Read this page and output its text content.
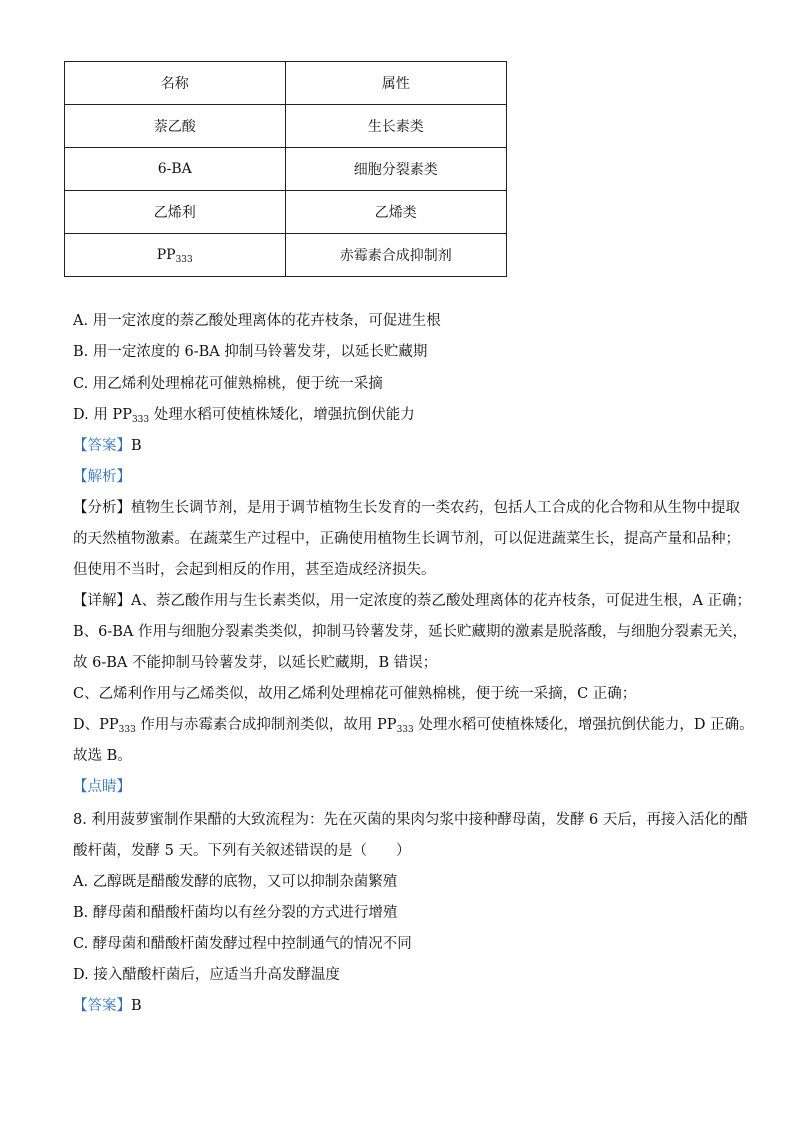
名称	属性
萘乙酸	生长素类
6-BA	细胞分裂素类
乙烯利	乙烯类
$PP_{333}$	赤霉素合成抑制剂
A. 用一定浓度的萘乙酸处理离体的花卉枝条，可促进生根
B. 用一定浓度的 6-BA 抑制马铃薯发芽，以延长贮藏期
C. 用乙烯利处理棉花可催熟棉桃，便于统一采摘
D. 用 $PP_{333}$ 处理水稻可使植株矮化，增强抗倒伏能力
【答案】B
【解析】
【分析】植物生长调节剂，是用于调节植物生长发育的一类农药，包括人工合成的化合物和从生物中提取
的天然植物激素。在蔬菜生产过程中，正确使用植物生长调节剂，可以促进蔬菜生长，提高产量和品种；
但使用不当时，会起到相反的作用，甚至造成经济损失。
【详解】A、萘乙酸作用与生长素类似，用一定浓度的萘乙酸处理离体的花卉枝条，可促进生根，A 正确；
B、6-BA 作用与细胞分裂素类类似，抑制马铃薯发芽，延长贮藏期的激素是脱落酸，与细胞分裂素无关，
故 6-BA 不能抑制马铃薯发芽，以延长贮藏期，B 错误；
C、乙烯利作用与乙烯类似，故用乙烯利处理棉花可催熟棉桃，便于统一采摘，C 正确；
D、$PP_{333}$ 作用与赤霉素合成抑制剂类似，故用 $PP_{333}$ 处理水稻可使植株矮化，增强抗倒伏能力，D 正确。
故选 B。
【点睛】
8. 利用菠萝蜜制作果醋的大致流程为：先在灭菌的果肉匀浆中接种酵母菌，发酵 6 天后，再接入活化的醋
酸杆菌，发酵 5 天。下列有关叙述错误的是（　　）
A. 乙醇既是醋酸发酵的底物，又可以抑制杂菌繁殖
B. 酵母菌和醋酸杆菌均以有丝分裂的方式进行增殖
C. 酵母菌和醋酸杆菌发酵过程中控制通气的情况不同
D. 接入醋酸杆菌后，应适当升高发酵温度
【答案】B
